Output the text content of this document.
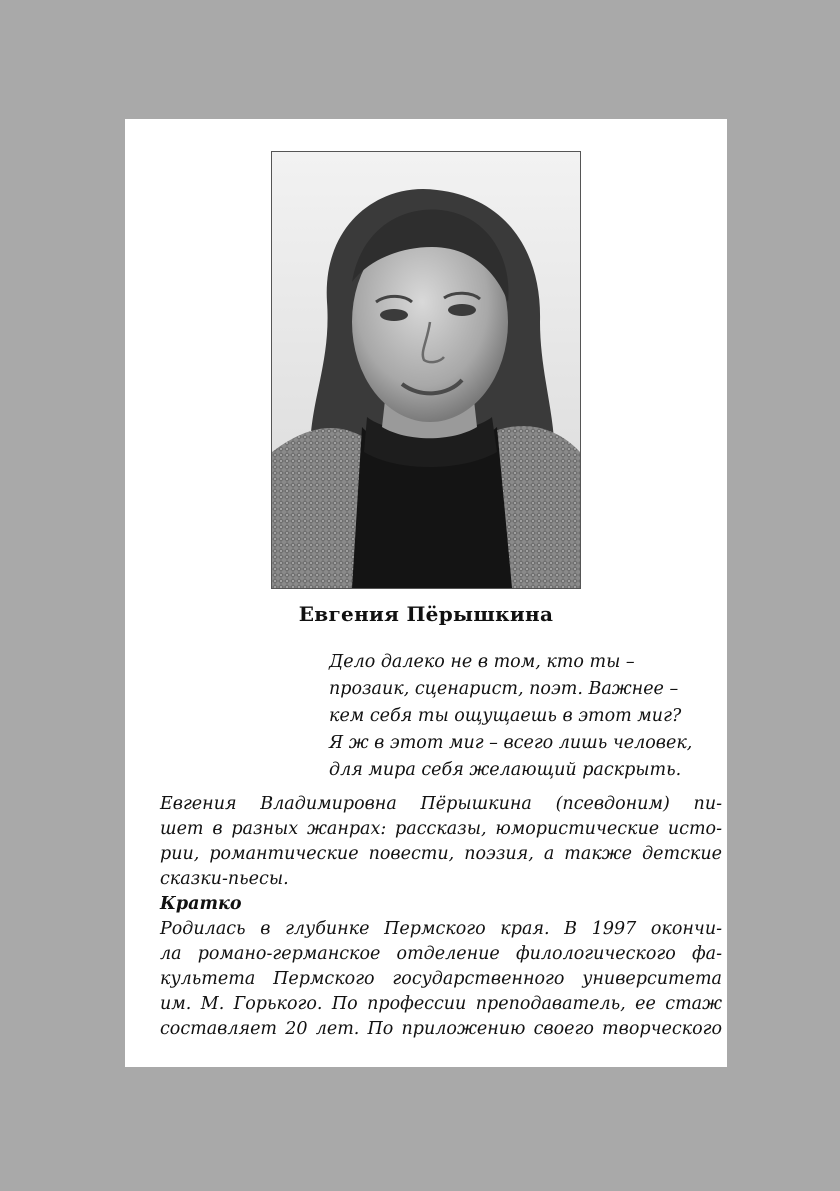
Евгения Пёрышкина
Дело далеко не в том, кто ты –
прозаик, сценарист, поэт. Важнее –
кем себя ты ощущаешь в этот миг?
Я ж в этот миг – всего лишь человек,
для мира себя желающий раскрыть.
Евгения Владимировна Пёрышкина (псевдоним) пи-
шет в разных жанрах: рассказы, юмористические исто-
рии, романтические повести, поэзия, а также детские
сказки-пьесы.
Кратко
Родилась в глубинке Пермского края. В 1997 окончи-
ла романо-германское отделение филологического фа-
культета Пермского государственного университета
им. М. Горького. По профессии преподаватель, ее стаж
составляет 20 лет. По приложению своего творческого
